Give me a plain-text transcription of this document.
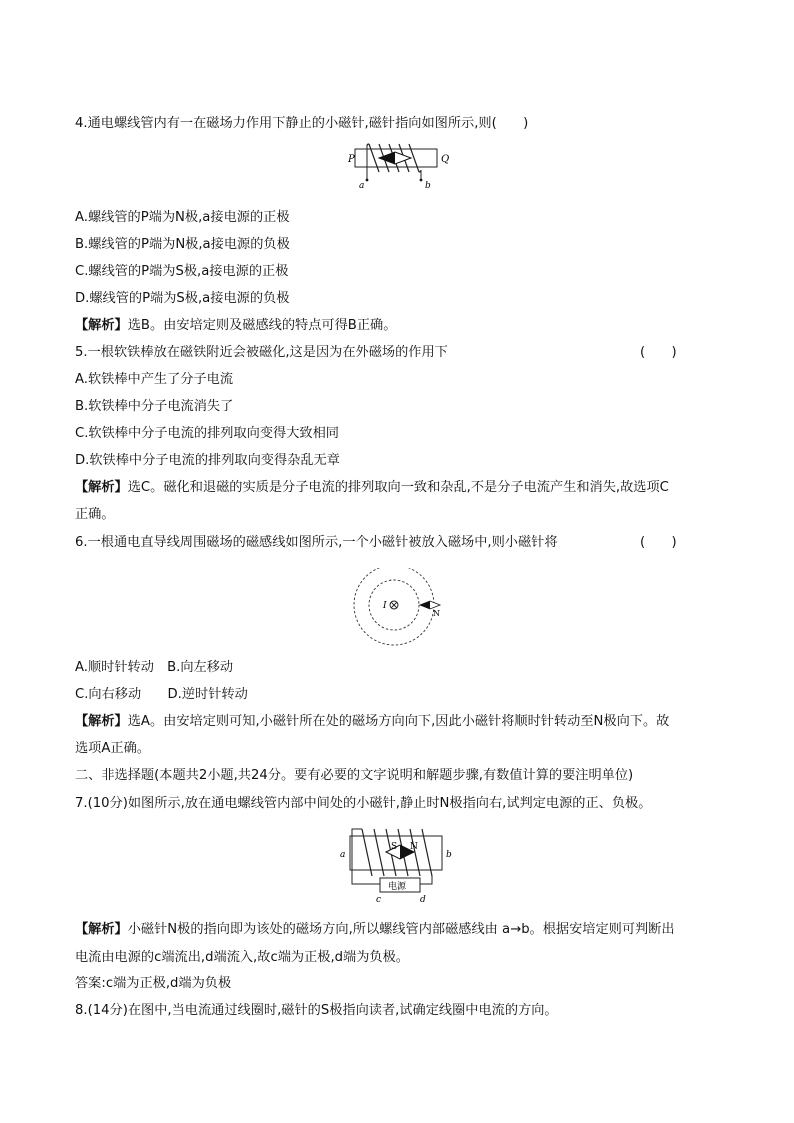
4.通电螺线管内有一在磁场力作用下静止的小磁针,磁针指向如图所示,则(　　)
P	Q
a	b
A.螺线管的P端为N极,a接电源的正极
B.螺线管的P端为N极,a接电源的负极
C.螺线管的P端为S极,a接电源的正极
D.螺线管的P端为S极,a接电源的负极
【解析】选B。由安培定则及磁感线的特点可得B正确。
5.一根软铁棒放在磁铁附近会被磁化,这是因为在外磁场的作用下	(　　)
A.软铁棒中产生了分子电流
B.软铁棒中分子电流消失了
C.软铁棒中分子电流的排列取向变得大致相同
D.软铁棒中分子电流的排列取向变得杂乱无章
【解析】选C。磁化和退磁的实质是分子电流的排列取向一致和杂乱,不是分子电流产生和消失,故选项C
正确。
6.一根通电直导线周围磁场的磁感线如图所示,一个小磁针被放入磁场中,则小磁针将	(　　)
I
N
A.顺时针转动　B.向左移动
C.向右移动　　D.逆时针转动
【解析】选A。由安培定则可知,小磁针所在处的磁场方向向下,因此小磁针将顺时针转动至N极向下。故
选项A正确。
二、非选择题(本题共2小题,共24分。要有必要的文字说明和解题步骤,有数值计算的要注明单位)
7.(10分)如图所示,放在通电螺线管内部中间处的小磁针,静止时N极指向右,试判定电源的正、负极。
S N
a	b
电源
c	d
【解析】小磁针N极的指向即为该处的磁场方向,所以螺线管内部磁感线由 a→b。根据安培定则可判断出
电流由电源的c端流出,d端流入,故c端为正极,d端为负极。
答案:c端为正极,d端为负极
8.(14分)在图中,当电流通过线圈时,磁针的S极指向读者,试确定线圈中电流的方向。
